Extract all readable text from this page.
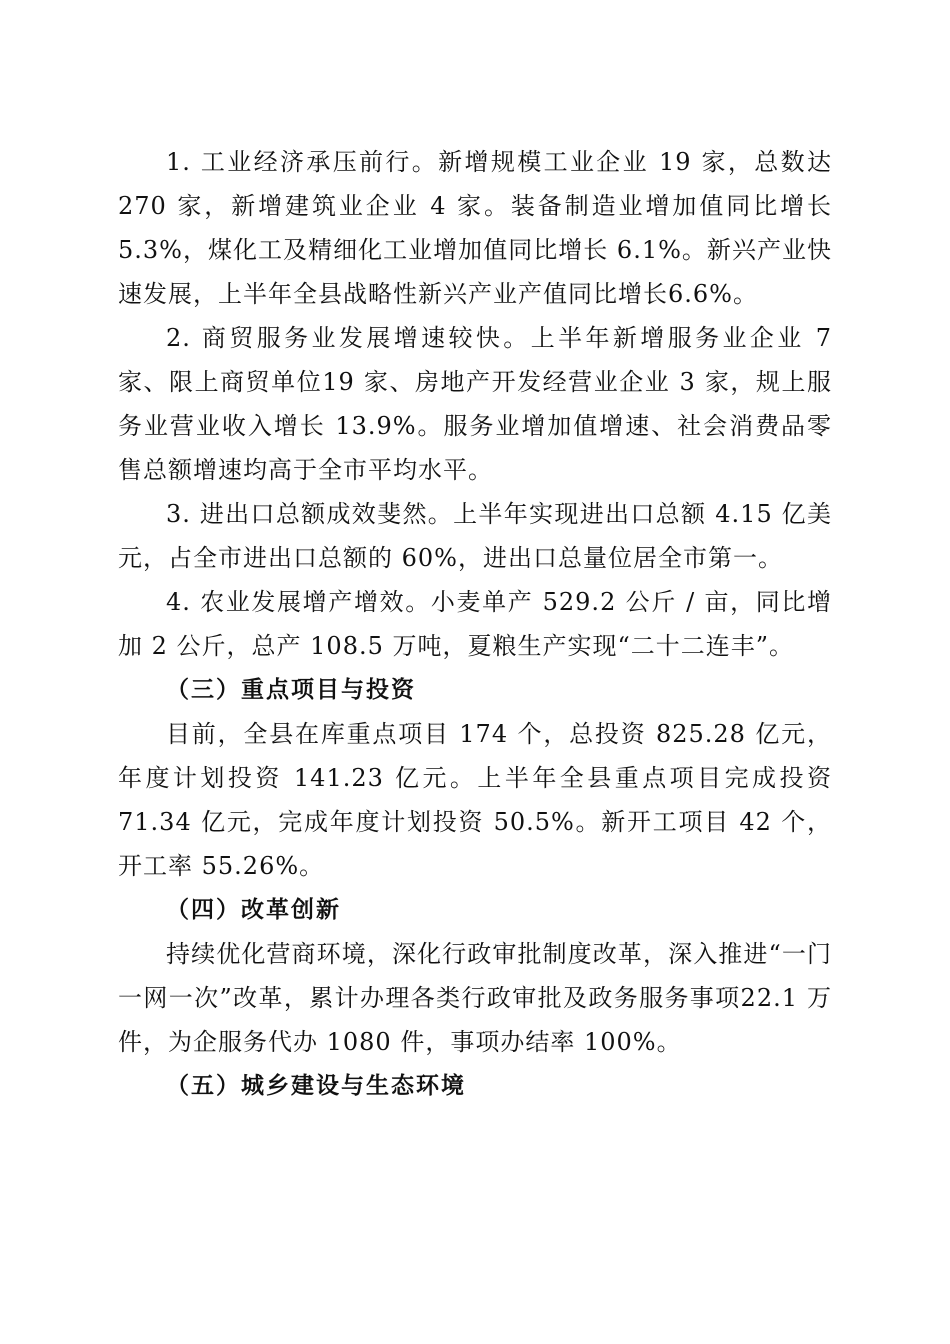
1. 工业经济承压前行。新增规模工业企业 19 家，总数达 270 家，新增建筑业企业 4 家。装备制造业增加值同比增长 5.3%，煤化工及精细化工业增加值同比增长 6.1%。新兴产业快速发展，上半年全县战略性新兴产业产值同比增长6.6%。

2. 商贸服务业发展增速较快。上半年新增服务业企业 7 家、限上商贸单位19 家、房地产开发经营业企业 3 家，规上服务业营业收入增长 13.9%。服务业增加值增速、社会消费品零售总额增速均高于全市平均水平。

3. 进出口总额成效斐然。上半年实现进出口总额 4.15 亿美元，占全市进出口总额的 60%，进出口总量位居全市第一。

4. 农业发展增产增效。小麦单产 529.2 公斤 / 亩，同比增加 2 公斤，总产 108.5 万吨，夏粮生产实现“二十二连丰”。

（三）重点项目与投资

目前，全县在库重点项目 174 个，总投资 825.28 亿元，年度计划投资 141.23 亿元。上半年全县重点项目完成投资 71.34 亿元，完成年度计划投资 50.5%。新开工项目 42 个，开工率 55.26%。

（四）改革创新

持续优化营商环境，深化行政审批制度改革，深入推进“一门一网一次”改革，累计办理各类行政审批及政务服务事项22.1 万件，为企服务代办 1080 件，事项办结率 100%。

（五）城乡建设与生态环境
